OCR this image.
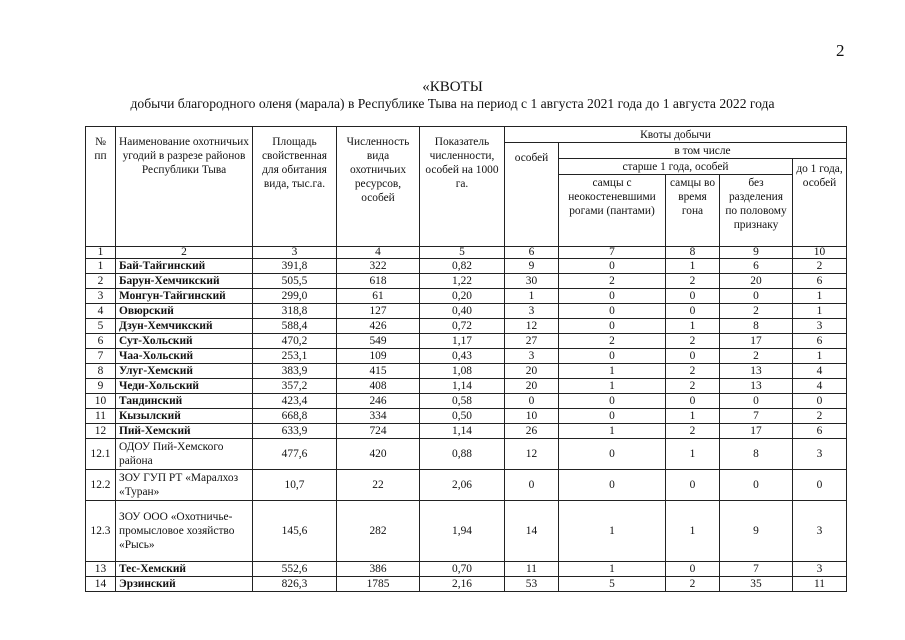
2
«КВОТЫ
добычи благородного оленя (марала) в Республике Тыва на период с 1 августа 2021 года до 1 августа 2022 года
№ пп	Наименование охотничьих угодий в разрезе районов Республики Тыва	Площадь свойственная для обитания вида, тыс.га.	Численность вида охотничьих ресурсов, особей	Показатель численности, особей на 1000 га.	Квоты добычи				
					особей	в том числе			
						старше 1 года, особей			до 1 года, особей
						самцы с неокостеневшими рогами (пантами)	самцы во время гона	без разделения по половому признаку	
1	2	3	4	5	6	7	8	9	10
1	Бай-Тайгинский	391,8	322	0,82	9	0	1	6	2
2	Барун-Хемчикский	505,5	618	1,22	30	2	2	20	6
3	Монгун-Тайгинский	299,0	61	0,20	1	0	0	0	1
4	Овюрский	318,8	127	0,40	3	0	0	2	1
5	Дзун-Хемчикский	588,4	426	0,72	12	0	1	8	3
6	Сут-Хольский	470,2	549	1,17	27	2	2	17	6
7	Чаа-Хольский	253,1	109	0,43	3	0	0	2	1
8	Улуг-Хемский	383,9	415	1,08	20	1	2	13	4
9	Чеди-Хольский	357,2	408	1,14	20	1	2	13	4
10	Тандинский	423,4	246	0,58	0	0	0	0	0
11	Кызылский	668,8	334	0,50	10	0	1	7	2
12	Пий-Хемский	633,9	724	1,14	26	1	2	17	6
12.1	ОДОУ Пий-Хемского района	477,6	420	0,88	12	0	1	8	3
12.2	ЗОУ ГУП РТ «Маралхоз «Туран»	10,7	22	2,06	0	0	0	0	0
12.3	ЗОУ ООО «Охотничье-промысловое хозяйство «Рысь»	145,6	282	1,94	14	1	1	9	3
13	Тес-Хемский	552,6	386	0,70	11	1	0	7	3
14	Эрзинский	826,3	1785	2,16	53	5	2	35	11
